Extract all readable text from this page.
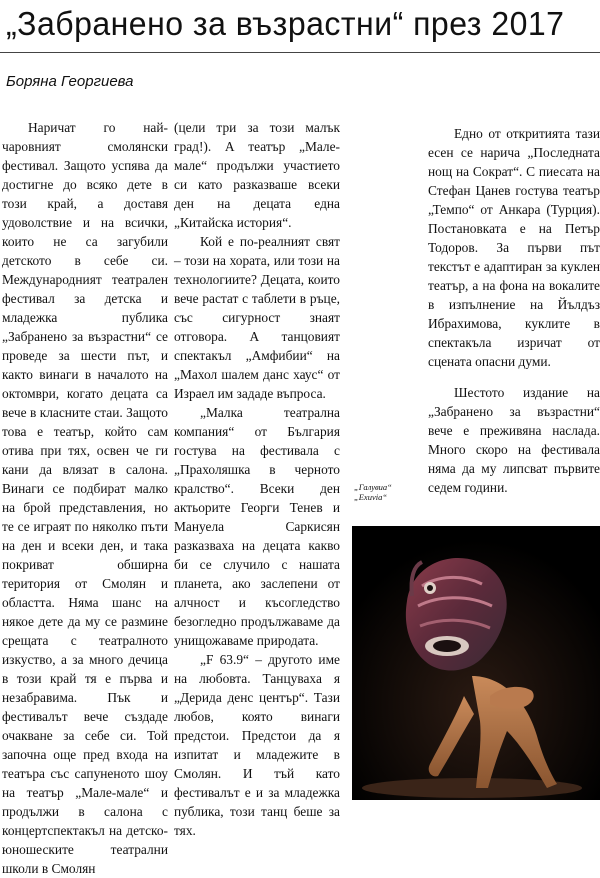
„Забранено за възрастни“ през 2017
Боряна Георгиева

Наричат го най-чаровният смолянски фестивал. Защото успява да достигне до всяко дете в този край, а доставя удоволствие и на всички, които не са загубили детското в себе си. Международният театрален фестивал за детска и младежка публика „Забранено за възрастни“ се проведе за шести път, и както винаги в началото на октомври, когато децата са вече в класните стаи. Защото това е театър, който сам отива при тях, освен че ги кани да влязат в салона. Винаги се подбират малко на брой представления, но те се играят по няколко пъти на ден и всеки ден, и така покриват обширна територия от Смолян и областта. Няма шанс на някое дете да му се размине срещата с театралното изкуство, а за много дечица в този край тя е първа и незабравима. Пък и фестивалът вече създаде очакване за себе си. Той започна още пред входа на театъра със сапуненото шоу на театър „Мале-мале“ и продължи в салона с концертспектакъл на детско-юношеските театрални школи в Смолян

(цели три за този малък град!). А театър „Мале-мале“ продължи участието си като разказваше всеки ден на децата една „Китайска история“.

Кой е по-реалният свят – този на хората, или този на технологиите? Децата, които вече растат с таблети в ръце, със сигурност знаят отговора. А танцовият спектакъл „Амфибии“ на „Махол шалем данс хаус“ от Израел им зададе въпроса.

„Малка театрална компания“ от България гостува на фестивала с „Прахоляшка в черното кралство“. Всеки ден актьорите Георги Тенев и Мануела Саркисян разказваха на децата какво би се случило с нашата планета, ако заслепени от алчност и късогледство безогледно продължаваме да унищожаваме природата.

„F 63.9“ – другото име на любовта. Танцуваха я „Деридa денс център“. Тази любов, която винаги предстои. Предстои да я изпитат и младежите в Смолян. И тъй като фестивалът е и за младежка публика, този танц беше за тях.

Едно от откритията тази есен се нарича „Последната нощ на Сократ“. С пиесата на Стефан Цанев гостува театър „Темпо“ от Анкара (Турция). Постановката е на Петър Тодоров. За първи път текстът е адаптиран за куклен театър, а на фона на вокалите в изпълнение на Йълдъз Ибрахимова, куклите в спектакъла изричат от сцената опасни думи.

Шестото издание на „Забранено за възрастни“ вече е преживяна наслада. Много скоро на фестивала няма да му липсват първите седем години.

„Галувиа“
„Exuvia“
